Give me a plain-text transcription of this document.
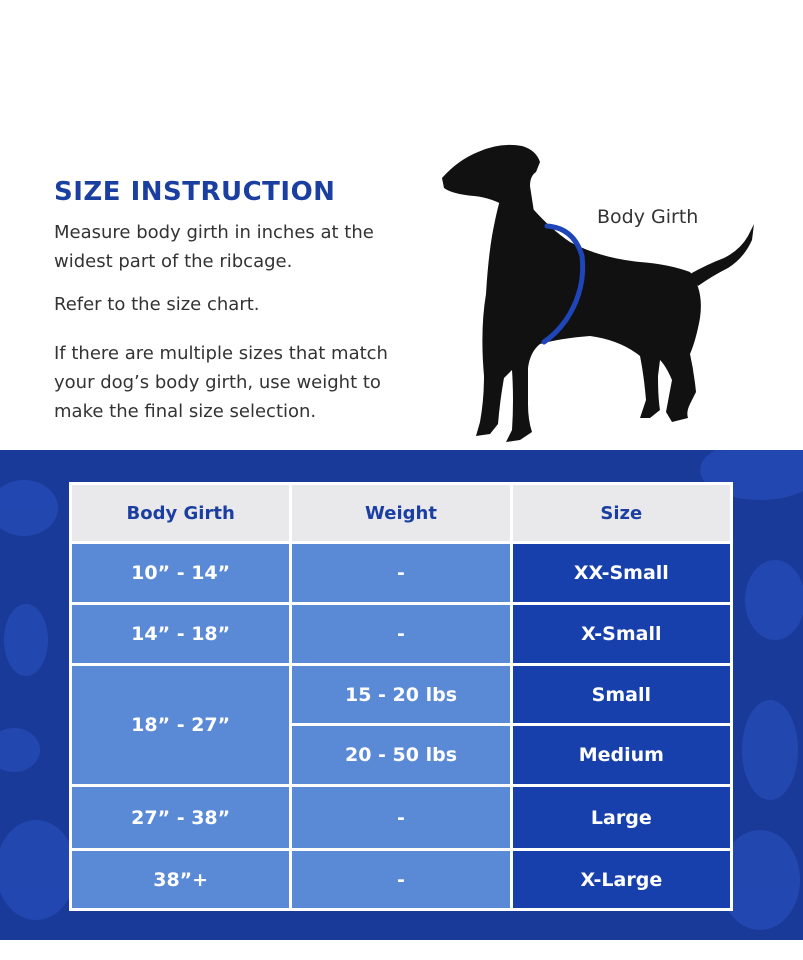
SIZE INSTRUCTION

Measure body girth in inches at the widest part of the ribcage.

Refer to the size chart.

If there are multiple sizes that match your dog’s body girth, use weight to make the final size selection.

Body Girth
Body Girth	Weight	Size
10” - 14”	-	XX-Small
14” - 18”	-	X-Small
18” - 27”	15 - 20 lbs	Small
	20 - 50 lbs	Medium
27” - 38”	-	Large
38”+	-	X-Large
